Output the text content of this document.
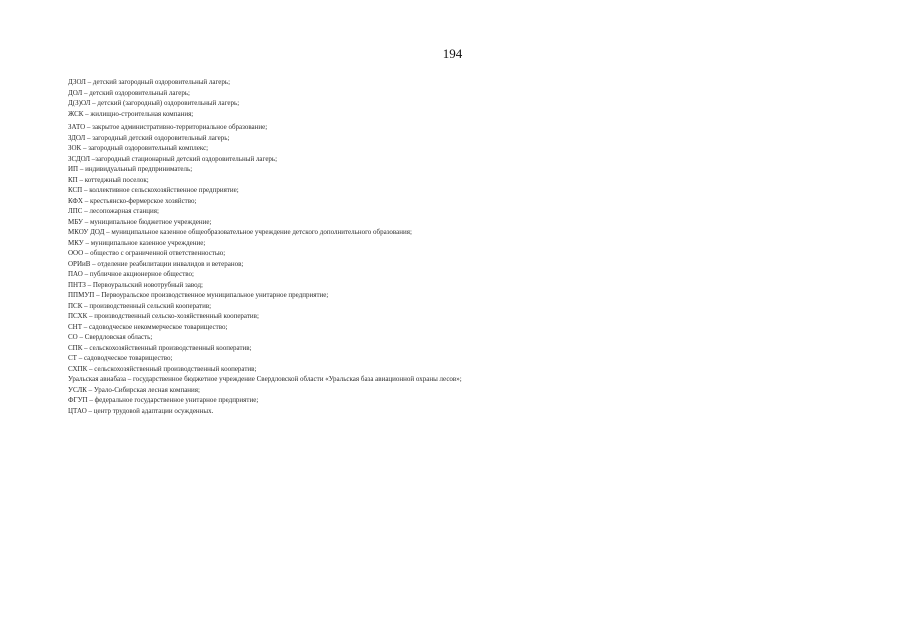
194
ДЗОЛ – детский загородный оздоровительный лагерь;
ДОЛ – детский оздоровительный лагерь;
Д(З)ОЛ – детский (загородный) оздоровительный лагерь;
ЖСК – жилищно-строительная компания;
ЗАТО – закрытое административно-территориальное образование;
ЗДОЛ – загородный детский оздоровительный лагерь;
ЗОК – загородный оздоровительный комплекс;
ЗСДОЛ –загородный стационарный детский оздоровительный лагерь;
ИП – индивидуальный предприниматель;
КП – коттеджный поселок;
КСП – коллективное сельскохозяйственное предприятие;
КФХ – крестьянско-фермерское хозяйство;
ЛПС – лесопожарная станция;
МБУ – муниципальное бюджетное учреждение;
МКОУ ДОД – муниципальное казенное общеобразовательное учреждение детского дополнительного образования;
МКУ – муниципальное казенное учреждение;
ООО – общество с ограниченной ответственностью;
ОРИиВ – отделение реабилитации инвалидов и ветеранов;
ПАО – публичное акционерное общество;
ПНТЗ – Первоуральский новотрубный завод;
ППМУП – Первоуральское производственное муниципальное унитарное предприятие;
ПСК – производственный сельский кооператив;
ПСХК – производственный сельско-хозяйственный кооператив;
СНТ – садоводческое некоммерческое товарищество;
СО – Свердловская область;
СПК – сельскохозяйственный производственный кооператив;
СТ – садоводческое товарищество;
СХПК – сельскохозяйственный производственный кооператив;
Уральская авиабаза – государственное бюджетное учреждение Свердловской области «Уральская база авиационной охраны лесов»;
УСЛК – Урало-Сибирская лесная компания;
ФГУП – федеральное государственное унитарное предприятие;
ЦТАО – центр трудовой адаптации осужденных.
